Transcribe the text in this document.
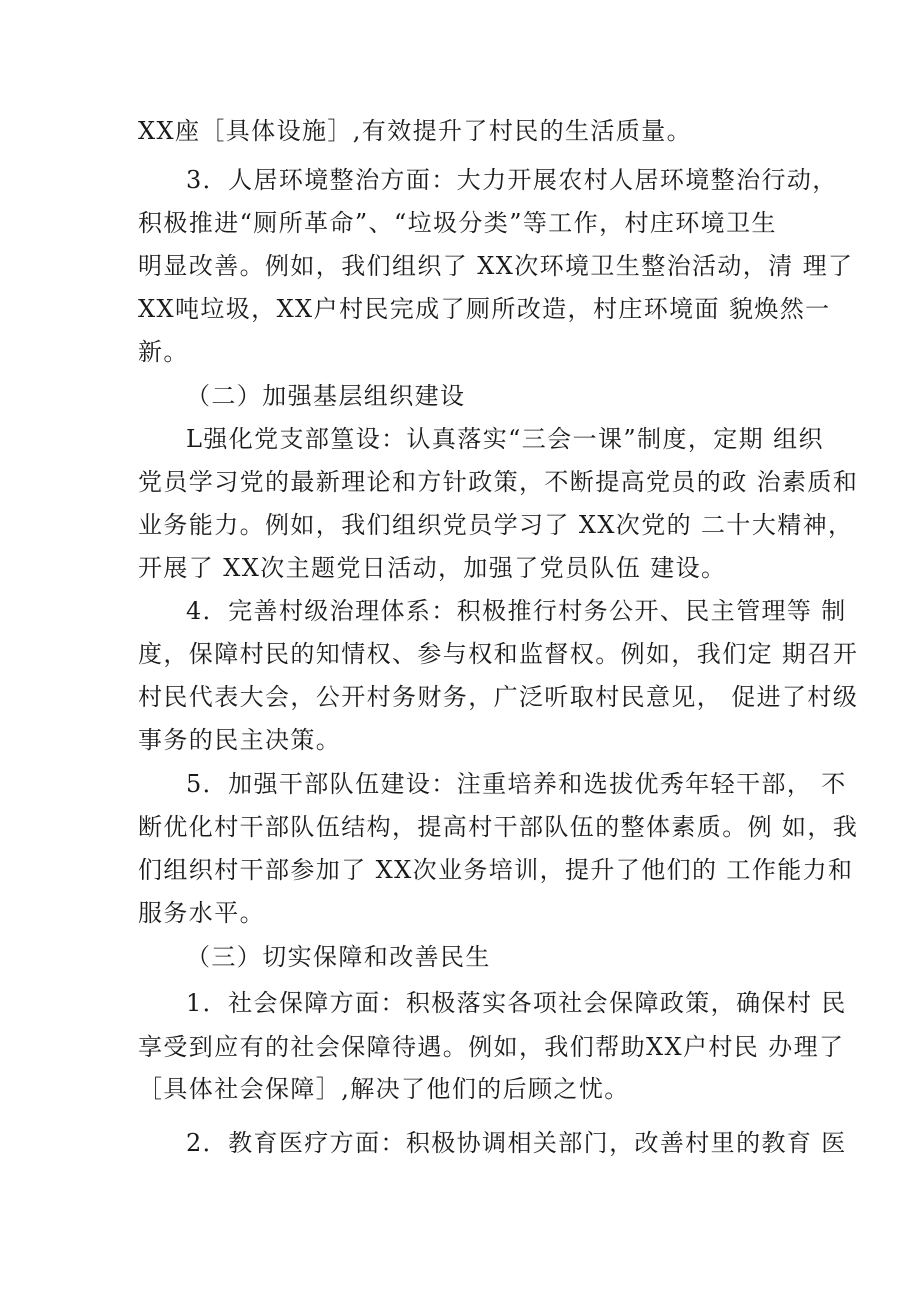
XX座［具体设施］,有效提升了村民的生活质量。
3．人居环境整治方面：大力开展农村人居环境整治行动，
积极推进“厕所革命”、“垃圾分类”等工作，村庄环境卫生
明显改善。例如，我们组织了 XX次环境卫生整治活动，清 理了
XX吨垃圾，XX户村民完成了厕所改造，村庄环境面 貌焕然一
新。
（二）加强基层组织建设
L强化党支部篁设：认真落实“三会一课”制度，定期 组织
党员学习党的最新理论和方针政策，不断提高党员的政 治素质和
业务能力。例如，我们组织党员学习了 XX次党的 二十大精神，
开展了 XX次主题党日活动，加强了党员队伍 建设。
4．完善村级治理体系：积极推行村务公开、民主管理等 制
度，保障村民的知情权、参与权和监督权。例如，我们定 期召开
村民代表大会，公开村务财务，广泛听取村民意见， 促进了村级
事务的民主决策。
5．加强干部队伍建设：注重培养和选拔优秀年轻干部， 不
断优化村干部队伍结构，提高村干部队伍的整体素质。例 如，我
们组织村干部参加了 XX次业务培训，提升了他们的 工作能力和
服务水平。
（三）切实保障和改善民生
1．社会保障方面：积极落实各项社会保障政策，确保村 民
享受到应有的社会保障待遇。例如，我们帮助XX户村民 办理了
［具体社会保障］,解决了他们的后顾之忧。
2．教育医疗方面：积极协调相关部门，改善村里的教育 医
